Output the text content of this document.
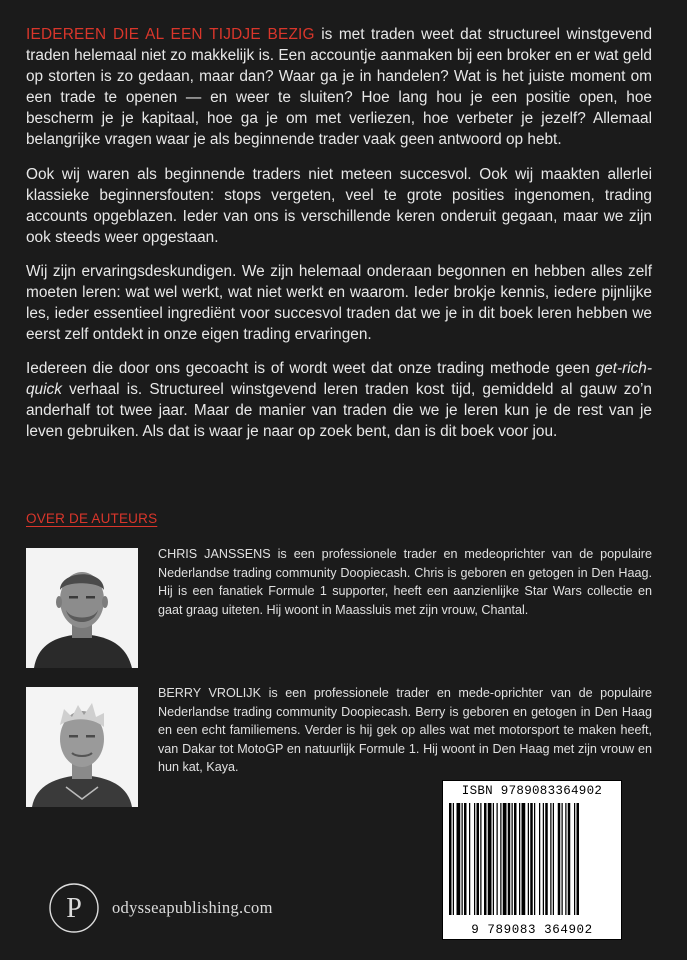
IEDEREEN DIE AL EEN TIJDJE BEZIG is met traden weet dat structureel winstgevend traden helemaal niet zo makkelijk is. Een accountje aanmaken bij een broker en er wat geld op storten is zo gedaan, maar dan? Waar ga je in handelen? Wat is het juiste moment om een trade te openen — en weer te sluiten? Hoe lang hou je een positie open, hoe bescherm je je kapitaal, hoe ga je om met verliezen, hoe verbeter je jezelf? Allemaal belangrijke vragen waar je als beginnende trader vaak geen antwoord op hebt.

Ook wij waren als beginnende traders niet meteen succesvol. Ook wij maakten allerlei klassieke beginnersfouten: stops vergeten, veel te grote posities ingenomen, trading accounts opgeblazen. Ieder van ons is verschillende keren onderuit gegaan, maar we zijn ook steeds weer opgestaan.

Wij zijn ervaringsdeskundigen. We zijn helemaal onderaan begonnen en hebben alles zelf moeten leren: wat wel werkt, wat niet werkt en waarom. Ieder brokje kennis, iedere pijnlijke les, ieder essentieel ingrediënt voor succesvol traden dat we je in dit boek leren hebben we eerst zelf ontdekt in onze eigen trading ervaringen.

Iedereen die door ons gecoacht is of wordt weet dat onze trading methode geen get-rich-quick verhaal is. Structureel winstgevend leren traden kost tijd, gemiddeld al gauw zo’n anderhalf tot twee jaar. Maar de manier van traden die we je leren kun je de rest van je leven gebruiken. Als dat is waar je naar op zoek bent, dan is dit boek voor jou.

OVER DE AUTEURS

CHRIS JANSSENS is een professionele trader en medeoprichter van de populaire Nederlandse trading community Doopiecash. Chris is geboren en getogen in Den Haag. Hij is een fanatiek Formule 1 supporter, heeft een aanzienlijke Star Wars collectie en gaat graag uiteten. Hij woont in Maassluis met zijn vrouw, Chantal.

BERRY VROLIJK is een professionele trader en mede-oprichter van de populaire Nederlandse trading community Doopiecash. Berry is geboren en getogen in Den Haag en een echt familiemens. Verder is hij gek op alles wat met motorsport te maken heeft, van Dakar tot MotoGP en natuurlijk Formule 1. Hij woont in Den Haag met zijn vrouw en hun kat, Kaya.

ISBN 9789083364902
9 789083 364902
P odysseapublishing.com
